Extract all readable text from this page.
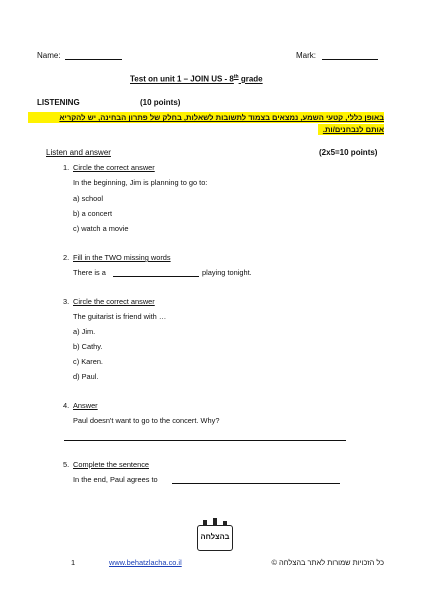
Name:	Mark:
Test on unit 1 – JOIN US - 8th grade
LISTENING	(10 points)
באופן כללי, קטעי השמע, נמצאים בצמוד לתשובות לשאלות, בחלק של פתרון הבחינה, יש להקריא
אותם לנבחנים/ות.
Listen and answer	(2x5=10 points)
1. Circle the correct answer
In the beginning, Jim is planning to go to:
a) school
b) a concert
c) watch a movie
2. Fill in the TWO missing words
There is a	playing tonight.
3. Circle the correct answer
The guitarist is friend with …
a) Jim.
b) Cathy.
c) Karen.
d) Paul.
4. Answer
Paul doesn't want to go to the concert. Why?
5. Complete the sentence
In the end, Paul agrees to
בהצלחה
1	www.behatzlacha.co.il	כל הזכויות שמורות לאתר בהצלחה ©
